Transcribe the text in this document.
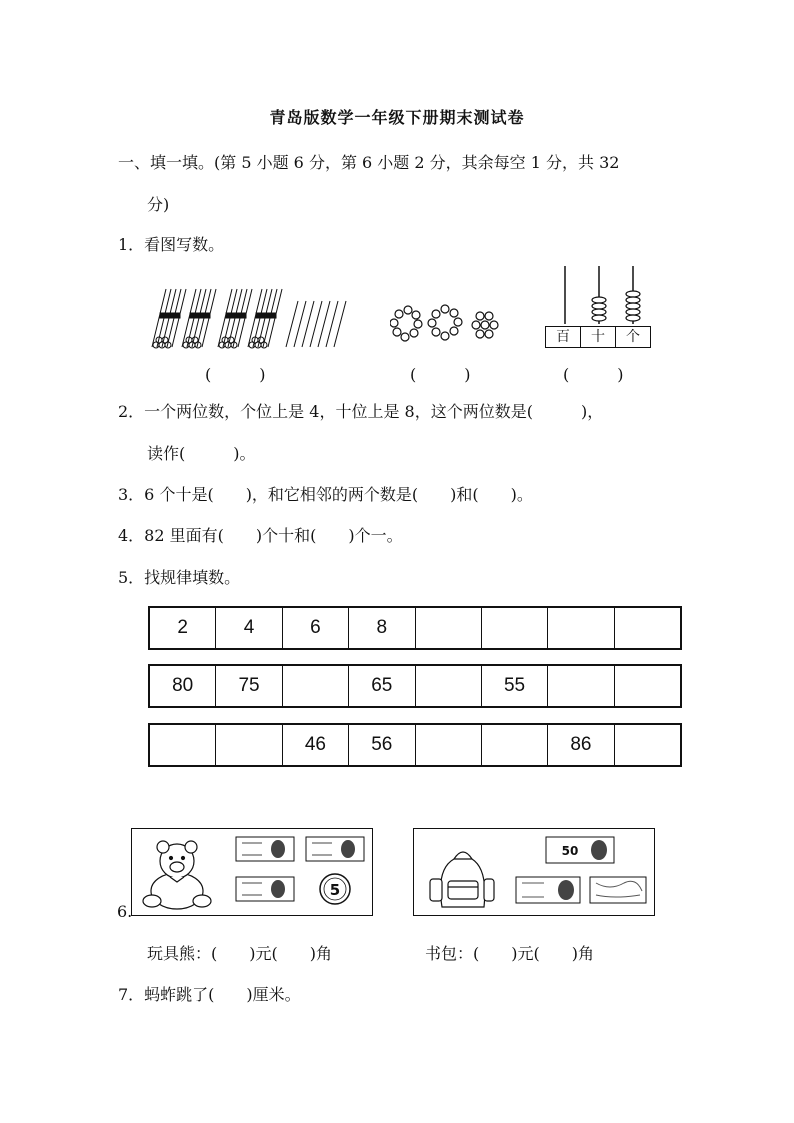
青岛版数学一年级下册期末测试卷
一、填一填。(第 5 小题 6 分，第 6 小题 2 分，其余每空 1 分，共 32
分)
1．看图写数。
百	十	个
(　　　)	(　　　)	(　　　)
2．一个两位数，个位上是 4，十位上是 8，这个两位数是(　　　)，
读作(　　　)。
3．6 个十是(　　)，和它相邻的两个数是(　　)和(　　)。
4．82 里面有(　　)个十和(　　)个一。
5．找规律填数。
2	4	6	8				
80	75		65		55		
		46	56			86	
6.
5
50
玩具熊：(　　)元(　　)角	书包：(　　)元(　　)角
7．蚂蚱跳了(　　)厘米。
